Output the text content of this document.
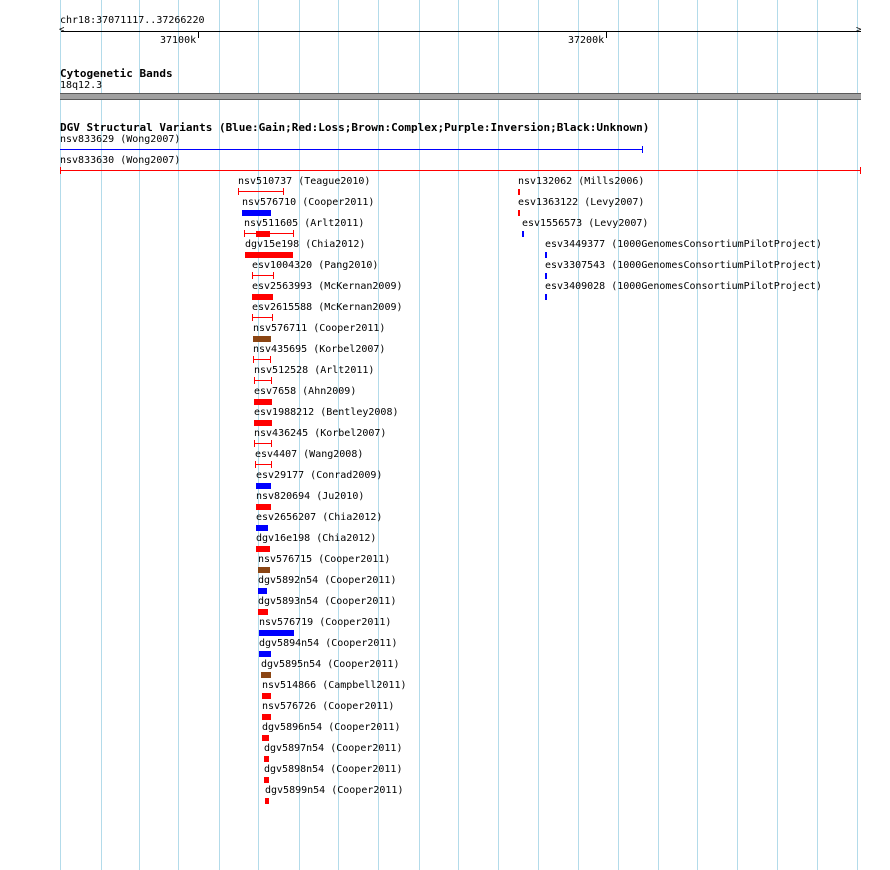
chr18:37071117..37266220
<	>
37100k	37200k
Cytogenetic Bands
18q12.3
DGV Structural Variants (Blue:Gain;Red:Loss;Brown:Complex;Purple:Inversion;Black:Unknown)
nsv833629 (Wong2007)
nsv833630 (Wong2007)
nsv510737 (Teague2010)
nsv576710 (Cooper2011)
nsv511605 (Arlt2011)
dgv15e198 (Chia2012)
esv1004320 (Pang2010)
esv2563993 (McKernan2009)
esv2615588 (McKernan2009)
nsv576711 (Cooper2011)
nsv435695 (Korbel2007)
nsv512528 (Arlt2011)
esv7658 (Ahn2009)
esv1988212 (Bentley2008)
nsv436245 (Korbel2007)
esv4407 (Wang2008)
esv29177 (Conrad2009)
nsv820694 (Ju2010)
esv2656207 (Chia2012)
dgv16e198 (Chia2012)
nsv576715 (Cooper2011)
dgv5892n54 (Cooper2011)
dgv5893n54 (Cooper2011)
nsv576719 (Cooper2011)
dgv5894n54 (Cooper2011)
dgv5895n54 (Cooper2011)
nsv514866 (Campbell2011)
nsv576726 (Cooper2011)
dgv5896n54 (Cooper2011)
dgv5897n54 (Cooper2011)
dgv5898n54 (Cooper2011)
dgv5899n54 (Cooper2011)
nsv132062 (Mills2006)
esv1363122 (Levy2007)
esv1556573 (Levy2007)
esv3449377 (1000GenomesConsortiumPilotProject)
esv3307543 (1000GenomesConsortiumPilotProject)
esv3409028 (1000GenomesConsortiumPilotProject)
